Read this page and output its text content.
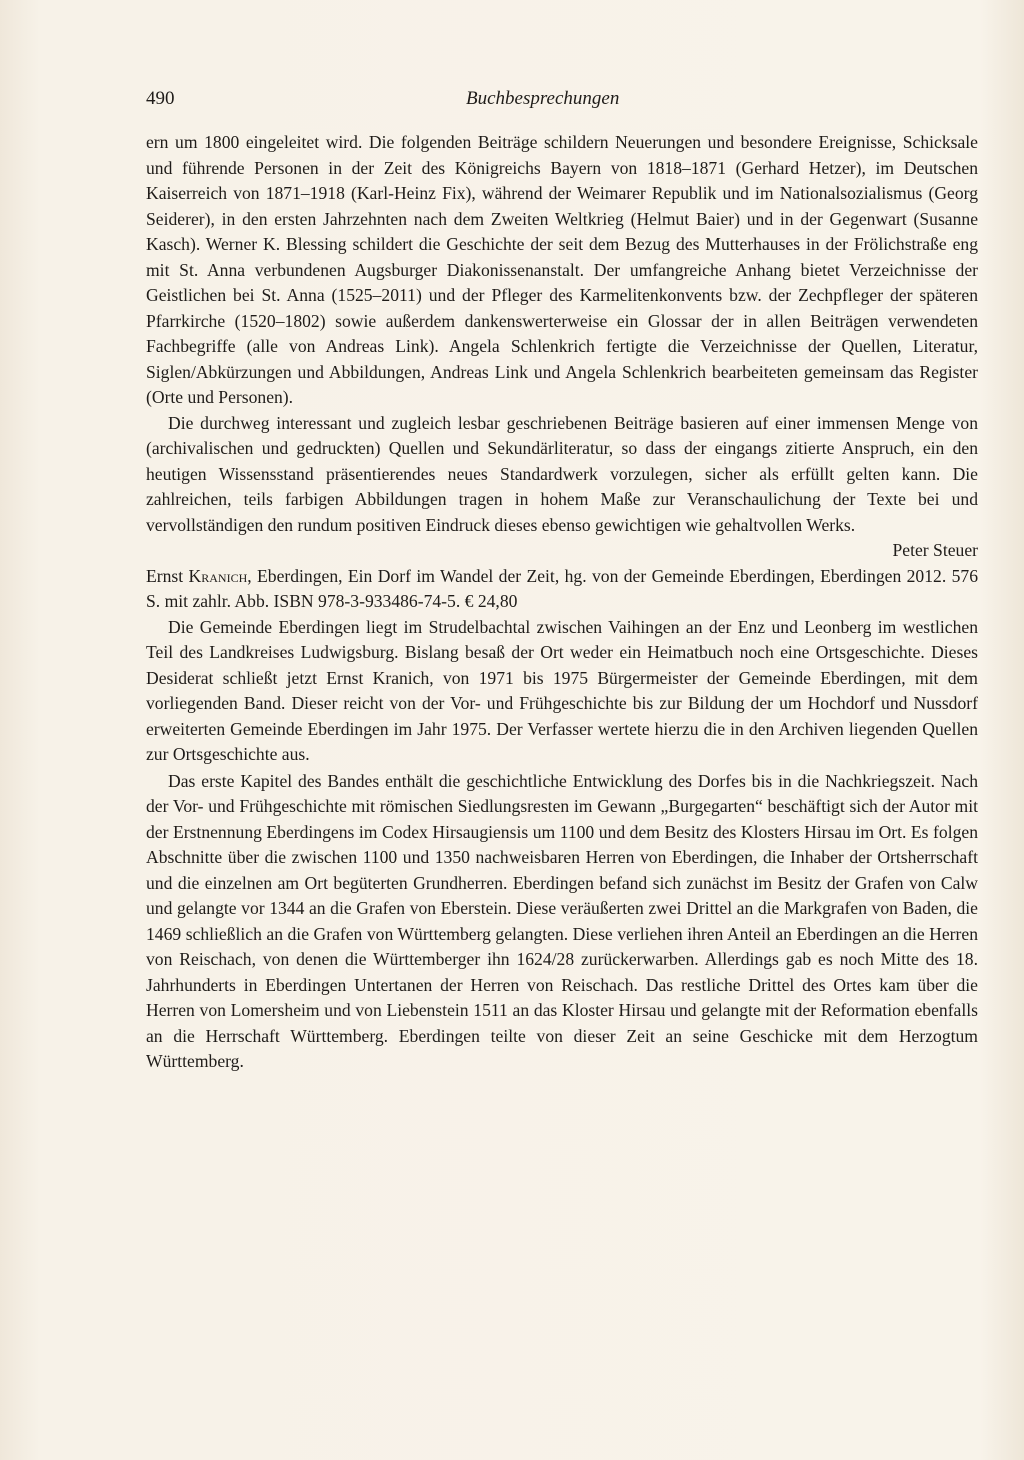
490	Buchbesprechungen

ern um 1800 eingeleitet wird. Die folgenden Beiträge schildern Neuerungen und besondere Ereignisse, Schicksale und führende Personen in der Zeit des Königreichs Bayern von 1818–1871 (Gerhard Hetzer), im Deutschen Kaiserreich von 1871–1918 (Karl-Heinz Fix), während der Weimarer Republik und im Nationalsozialismus (Georg Seiderer), in den ersten Jahrzehnten nach dem Zweiten Weltkrieg (Helmut Baier) und in der Gegenwart (Susanne Kasch). Werner K. Blessing schildert die Geschichte der seit dem Bezug des Mutterhauses in der Frölichstraße eng mit St. Anna verbundenen Augsburger Diakonissenanstalt. Der umfangreiche Anhang bietet Verzeichnisse der Geistlichen bei St. Anna (1525–2011) und der Pfleger des Karmelitenkonvents bzw. der Zechpfleger der späteren Pfarrkirche (1520–1802) sowie außerdem dankenswerterweise ein Glossar der in allen Beiträgen verwendeten Fachbegriffe (alle von Andreas Link). Angela Schlenkrich fertigte die Verzeichnisse der Quellen, Literatur, Siglen/Abkürzungen und Abbildungen, Andreas Link und Angela Schlenkrich bearbeiteten gemeinsam das Register (Orte und Personen).

Die durchweg interessant und zugleich lesbar geschriebenen Beiträge basieren auf einer immensen Menge von (archivalischen und gedruckten) Quellen und Sekundärliteratur, so dass der eingangs zitierte Anspruch, ein den heutigen Wissensstand präsentierendes neues Standardwerk vorzulegen, sicher als erfüllt gelten kann. Die zahlreichen, teils farbigen Abbildungen tragen in hohem Maße zur Veranschaulichung der Texte bei und vervollständigen den rundum positiven Eindruck dieses ebenso gewichtigen wie gehaltvollen Werks.

Peter Steuer

Ernst Kranich, Eberdingen, Ein Dorf im Wandel der Zeit, hg. von der Gemeinde Eberdingen, Eberdingen 2012. 576 S. mit zahlr. Abb. ISBN 978-3-933486-74-5. € 24,80

Die Gemeinde Eberdingen liegt im Strudelbachtal zwischen Vaihingen an der Enz und Leonberg im westlichen Teil des Landkreises Ludwigsburg. Bislang besaß der Ort weder ein Heimatbuch noch eine Ortsgeschichte. Dieses Desiderat schließt jetzt Ernst Kranich, von 1971 bis 1975 Bürgermeister der Gemeinde Eberdingen, mit dem vorliegenden Band. Dieser reicht von der Vor- und Frühgeschichte bis zur Bildung der um Hochdorf und Nussdorf erweiterten Gemeinde Eberdingen im Jahr 1975. Der Verfasser wertete hierzu die in den Archiven liegenden Quellen zur Ortsgeschichte aus.

Das erste Kapitel des Bandes enthält die geschichtliche Entwicklung des Dorfes bis in die Nachkriegszeit. Nach der Vor- und Frühgeschichte mit römischen Siedlungsresten im Gewann „Burgegarten“ beschäftigt sich der Autor mit der Erstnennung Eberdingens im Codex Hirsaugiensis um 1100 und dem Besitz des Klosters Hirsau im Ort. Es folgen Abschnitte über die zwischen 1100 und 1350 nachweisbaren Herren von Eberdingen, die Inhaber der Ortsherrschaft und die einzelnen am Ort begüterten Grundherren. Eberdingen befand sich zunächst im Besitz der Grafen von Calw und gelangte vor 1344 an die Grafen von Eberstein. Diese veräußerten zwei Drittel an die Markgrafen von Baden, die 1469 schließlich an die Grafen von Württemberg gelangten. Diese verliehen ihren Anteil an Eberdingen an die Herren von Reischach, von denen die Württemberger ihn 1624/28 zurückerwarben. Allerdings gab es noch Mitte des 18. Jahrhunderts in Eberdingen Untertanen der Herren von Reischach. Das restliche Drittel des Ortes kam über die Herren von Lomersheim und von Liebenstein 1511 an das Kloster Hirsau und gelangte mit der Reformation ebenfalls an die Herrschaft Württemberg. Eberdingen teilte von dieser Zeit an seine Geschicke mit dem Herzogtum Württemberg.
